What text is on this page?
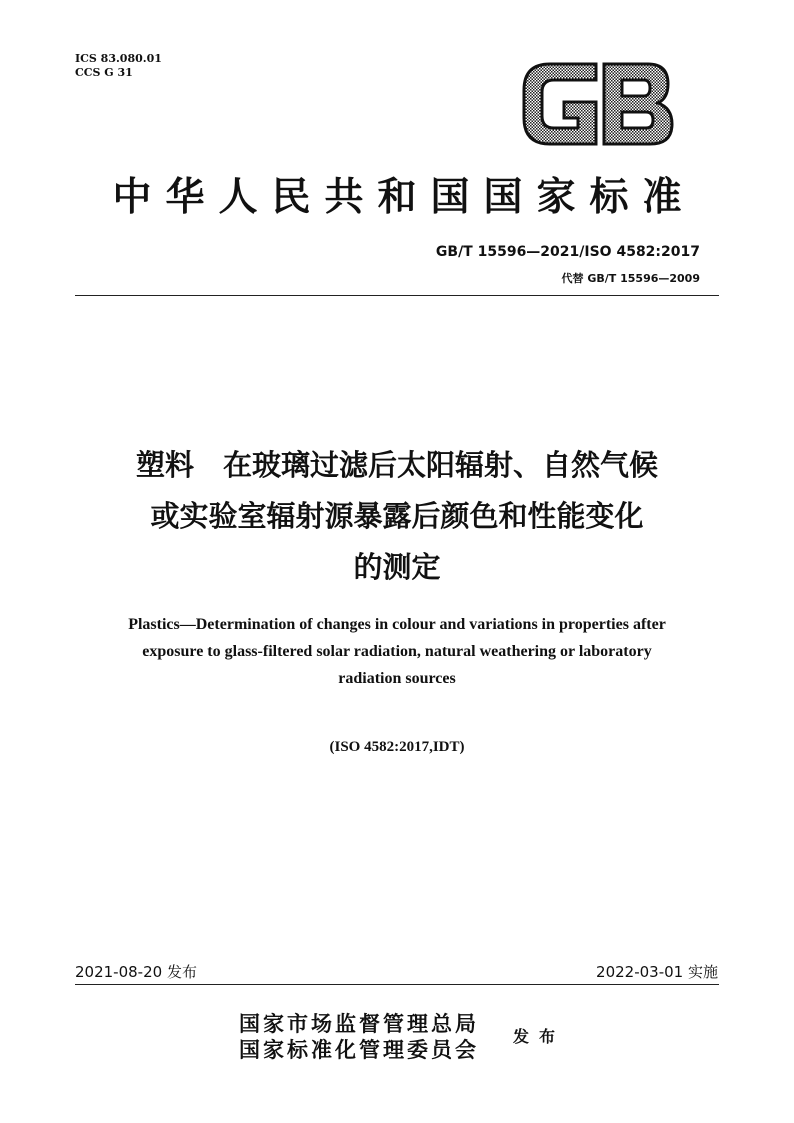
ICS 83.080.01
CCS G 31
中华人民共和国国家标准
GB/T 15596—2021/ISO 4582:2017
代替 GB/T 15596—2009
塑料　在玻璃过滤后太阳辐射、自然气候
或实验室辐射源暴露后颜色和性能变化
的测定
Plastics—Determination of changes in colour and variations in properties after
exposure to glass-filtered solar radiation, natural weathering or laboratory
radiation sources
(ISO 4582:2017,IDT)
2021-08-20 发布	2022-03-01 实施
国家市场监督管理总局
国家标准化管理委员会
发布
